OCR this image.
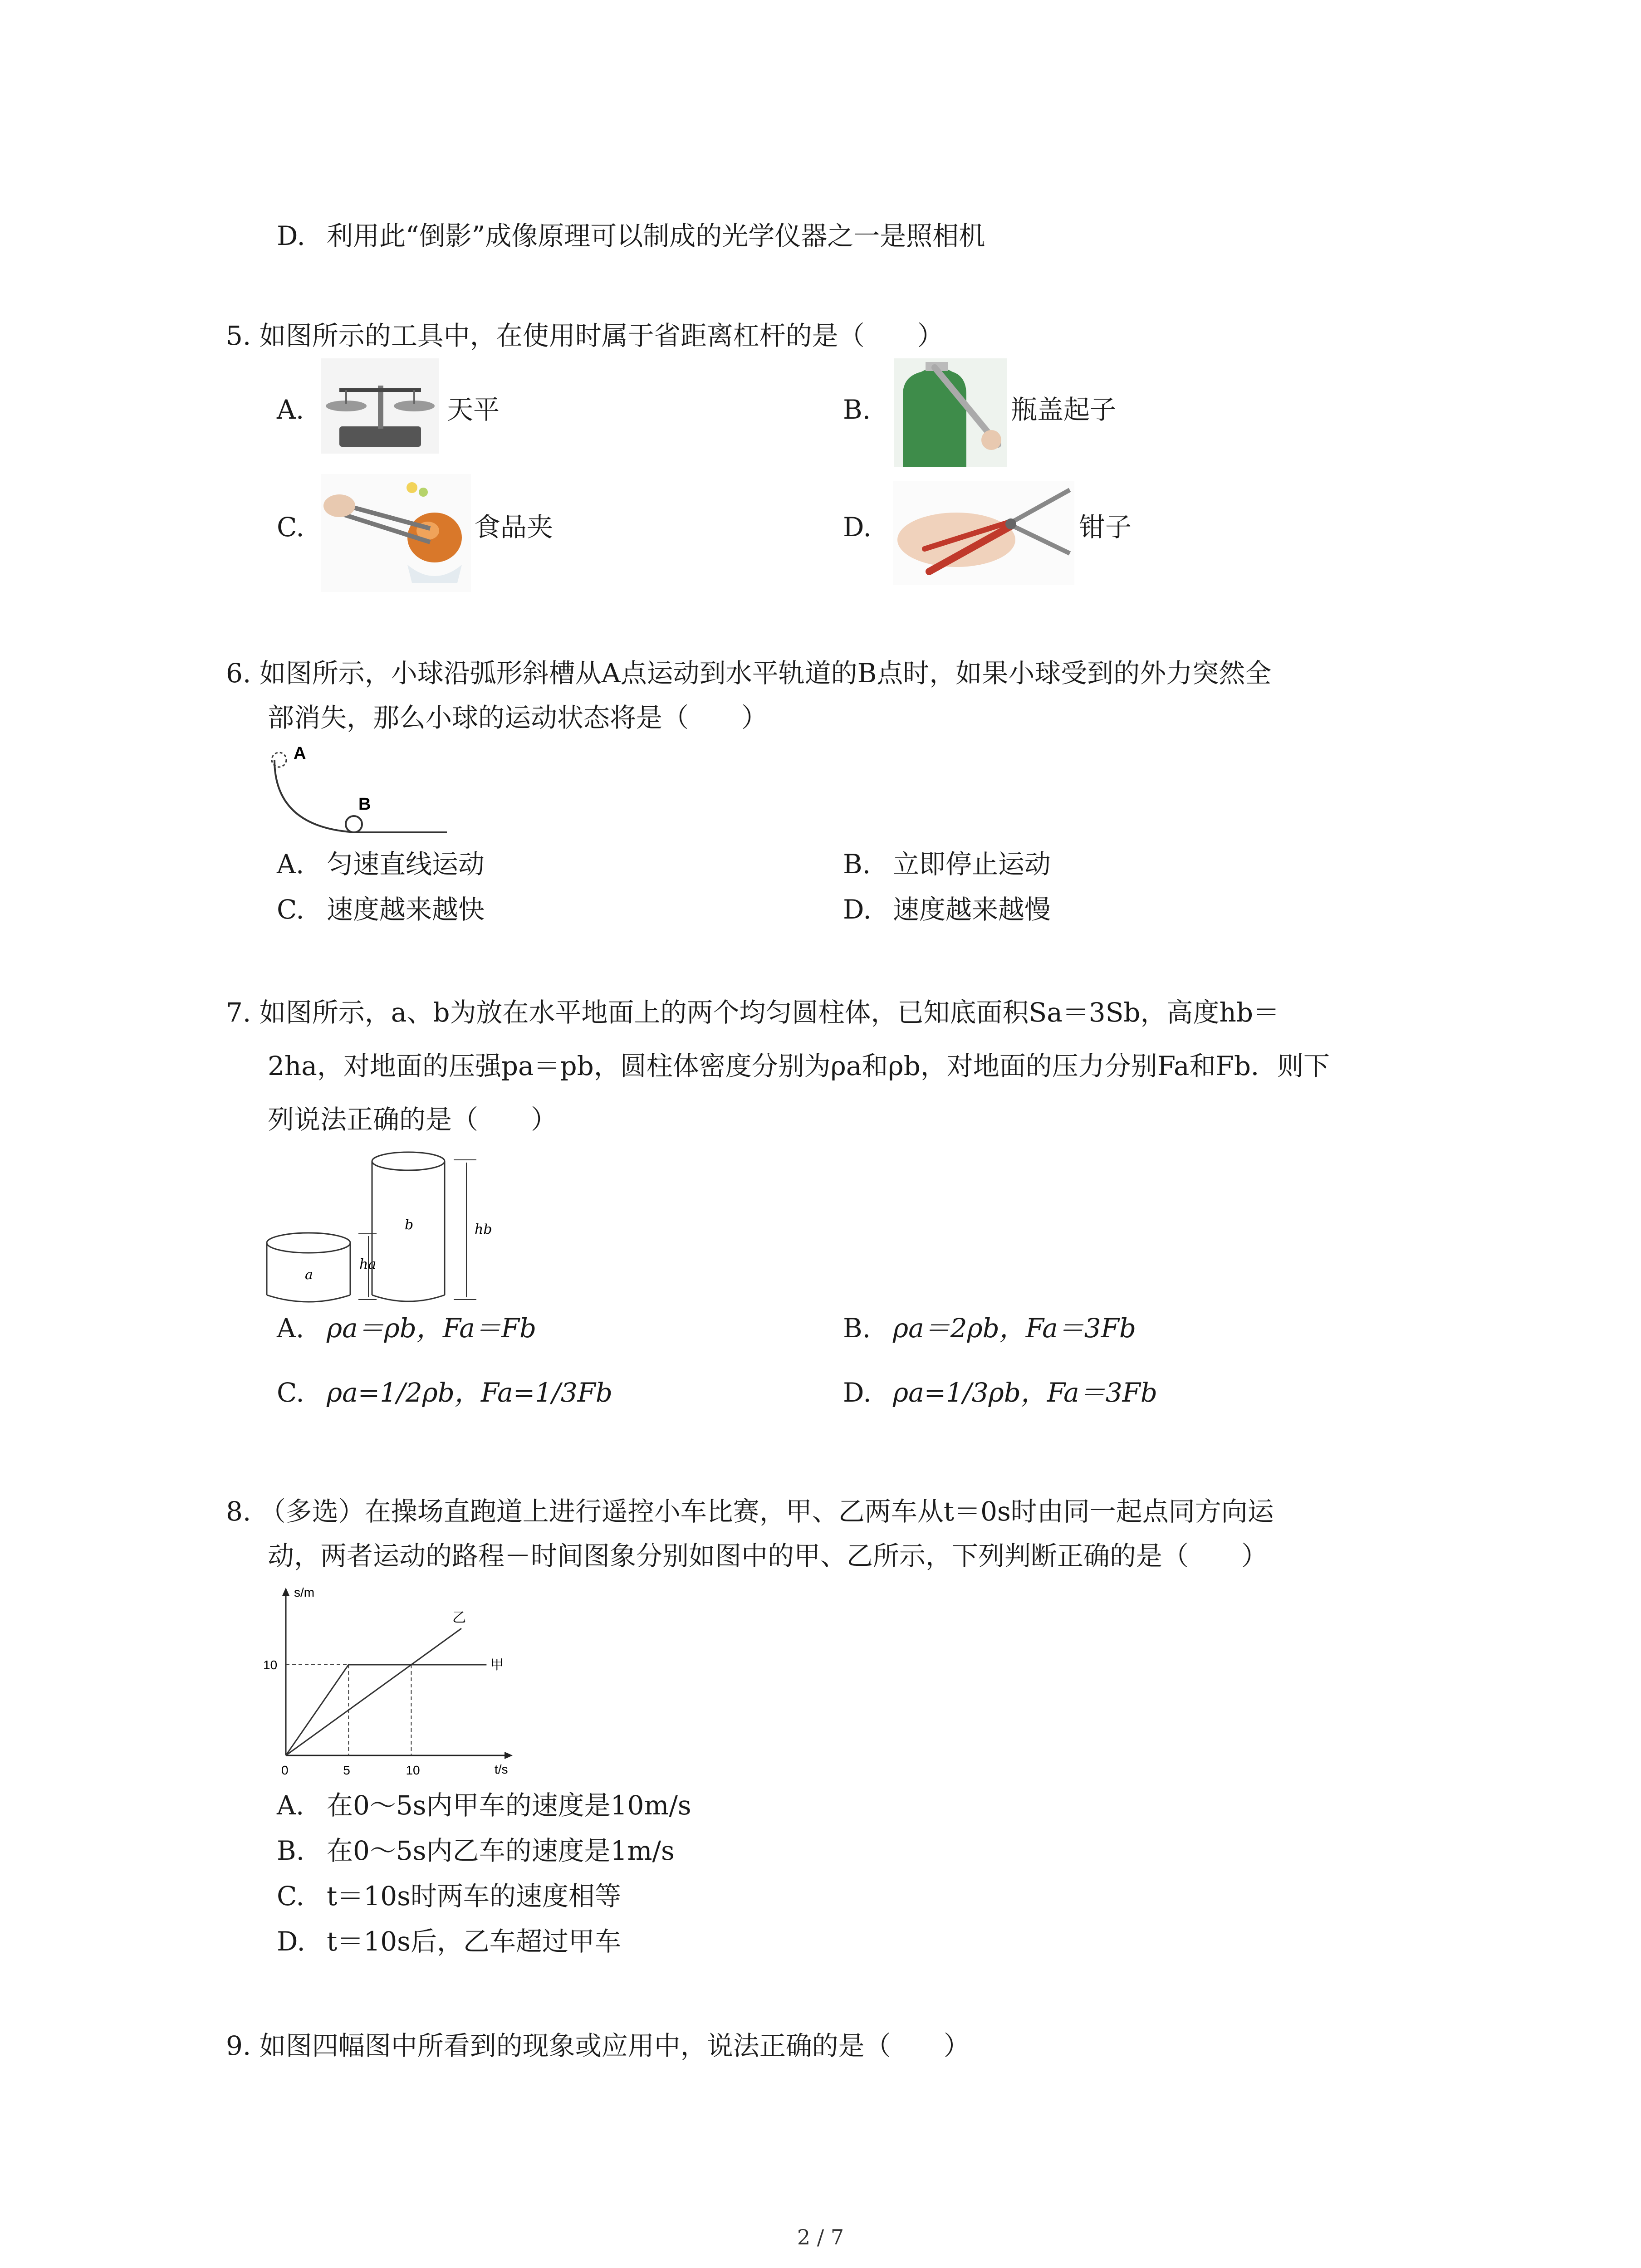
D. 利用此“倒影”成像原理可以制成的光学仪器之一是照相机
5. 如图所示的工具中，在使用时属于省距离杠杆的是（　　）
A.	天平	B.	瓶盖起子
C.	食品夹	D.	钳子
6. 如图所示，小球沿弧形斜槽从A点运动到水平轨道的B点时，如果小球受到的外力突然全
部消失，那么小球的运动状态将是（　　）
A
B
A. 匀速直线运动	B. 立即停止运动
C. 速度越来越快	D. 速度越来越慢
7. 如图所示，a、b为放在水平地面上的两个均匀圆柱体，已知底面积Sa＝3Sb，高度hb＝
2ha，对地面的压强pa＝pb，圆柱体密度分别为ρa和ρb，对地面的压力分别Fa和Fb．则下
列说法正确的是（　　）
a
ha
b	hb
A. ρa＝ρb，Fa＝Fb	B. ρa＝2ρb，Fa＝3Fb
C. ρa=1/2ρb，Fa=1/3Fb	D. ρa=1/3ρb，Fa＝3Fb
8. （多选）在操场直跑道上进行遥控小车比赛，甲、乙两车从t＝0s时由同一起点同方向运
动，两者运动的路程－时间图象分别如图中的甲、乙所示，下列判断正确的是（　　）
t/s
s/m
0	5	10
10	甲
乙
A. 在0～5s内甲车的速度是10m/s
B. 在0～5s内乙车的速度是1m/s
C. t＝10s时两车的速度相等
D. t＝10s后，乙车超过甲车
9. 如图四幅图中所看到的现象或应用中，说法正确的是（　　）
2 / 7
